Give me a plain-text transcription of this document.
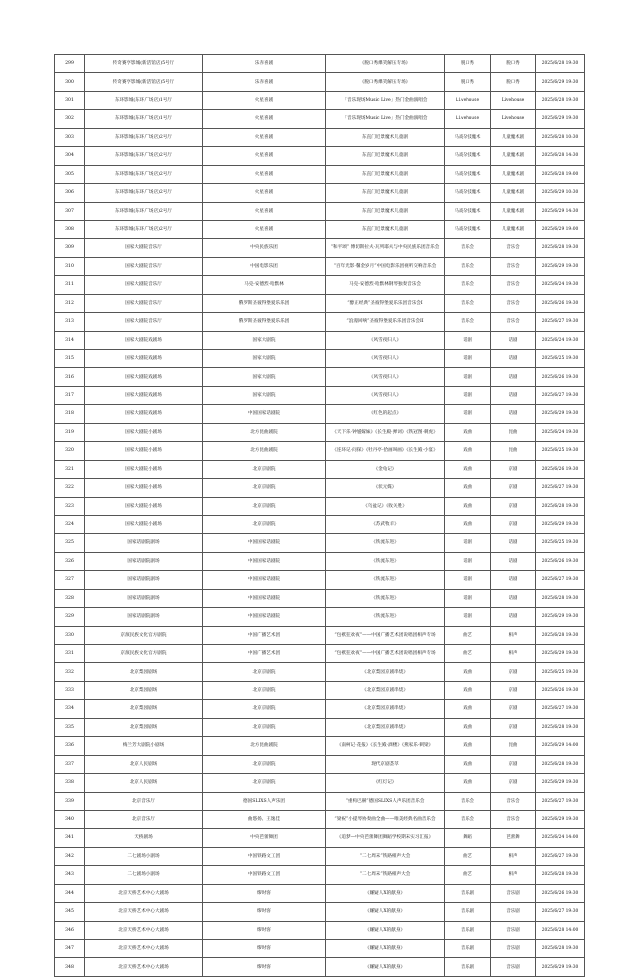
299	传奇赛亨影城(新活馆店)5号厅	乐赤喜剧	《脱口秀爆笑解压专场》	脱口秀	脱口秀	2025/6/28 19:30
300	传奇赛亨影城(新活馆店)5号厅	乐赤喜剧	《脱口秀爆笑解压专场》	脱口秀	脱口秀	2025/6/29 19:30
301	东环影城(东环广场店)1号厅	火星喜剧	「音乐现场Music Live」热门金曲演唱会	Livehouse	Livehouse	2025/6/28 19:30
302	东环影城(东环广场店)1号厅	火星喜剧	「音乐现场Music Live」热门金曲演唱会	Livehouse	Livehouse	2025/6/29 19:30
303	东环影城(东环广场店)2号厅	火星喜剧	东直门近景魔术儿童剧	马戏杂技魔术	儿童魔术剧	2025/6/28 10:30
304	东环影城(东环广场店)2号厅	火星喜剧	东直门近景魔术儿童剧	马戏杂技魔术	儿童魔术剧	2025/6/28 14:30
305	东环影城(东环广场店)2号厅	火星喜剧	东直门近景魔术儿童剧	马戏杂技魔术	儿童魔术剧	2025/6/28 19:00
306	东环影城(东环广场店)2号厅	火星喜剧	东直门近景魔术儿童剧	马戏杂技魔术	儿童魔术剧	2025/6/29 10:30
307	东环影城(东环广场店)2号厅	火星喜剧	东直门近景魔术儿童剧	马戏杂技魔术	儿童魔术剧	2025/6/29 14:30
308	东环影城(东环广场店)2号厅	火星喜剧	东直门近景魔术儿童剧	马戏杂技魔术	儿童魔术剧	2025/6/29 19:00
309	国家大剧院音乐厅	中央民族乐团	“和平颂” 傅切斯拉夫·瓦列耶夫与中央民族乐团音乐会	音乐会	音乐会	2025/6/28 19:30
310	国家大剧院音乐厅	中国电影乐团	“百年光影·馨金岁月”中国电影乐团视听交响音乐会	音乐会	音乐会	2025/6/29 19:30
311	国家大剧院音乐厅	马克-安德烈·哈默林	马克-安德烈·哈默林钢琴独奏音乐会	音乐会	音乐会	2025/6/24 19:30
312	国家大剧院音乐厅	俄罗斯圣彼得堡爱乐乐团	“醇正经典”圣彼得堡爱乐乐团音乐会I	音乐会	音乐会	2025/6/26 19:30
313	国家大剧院音乐厅	俄罗斯圣彼得堡爱乐乐团	“浪漫回响”圣彼得堡爱乐乐团音乐会II	音乐会	音乐会	2025/6/27 19:30
314	国家大剧院戏剧场	国家大剧院	《风雪夜归人》	话剧	话剧	2025/6/24 19:30
315	国家大剧院戏剧场	国家大剧院	《风雪夜归人》	话剧	话剧	2025/6/25 19:30
316	国家大剧院戏剧场	国家大剧院	《风雪夜归人》	话剧	话剧	2025/6/26 19:30
317	国家大剧院戏剧场	国家大剧院	《风雪夜归人》	话剧	话剧	2025/6/27 19:30
318	国家大剧院戏剧场	中国国家话剧院	《红色的起点》	话剧	话剧	2025/6/29 19:30
319	国家大剧院小剧场	北方昆曲剧院	《天下乐·钟馗嫁妹》《长生殿·弹词》《铁冠图·刺虎》	戏曲	昆曲	2025/6/24 19:30
320	国家大剧院小剧场	北方昆曲剧院	《连环记·问探》《牡丹亭·拾画叫画》《长生殿·小宴》	戏曲	昆曲	2025/6/25 19:30
321	国家大剧院小剧场	北京京剧院	《金龟记》	戏曲	京剧	2025/6/26 19:30
322	国家大剧院小剧场	北京京剧院	《状元媒》	戏曲	京剧	2025/6/27 19:30
323	国家大剧院小剧场	北京京剧院	《乌盆记》《收关胜》	戏曲	京剧	2025/6/28 19:30
324	国家大剧院小剧场	北京京剧院	《苏武牧羊》	戏曲	京剧	2025/6/29 19:30
325	国家话剧院剧场	中国国家话剧院	《铁流东进》	话剧	话剧	2025/6/25 19:30
326	国家话剧院剧场	中国国家话剧院	《铁流东进》	话剧	话剧	2025/6/26 19:30
327	国家话剧院剧场	中国国家话剧院	《铁流东进》	话剧	话剧	2025/6/27 19:30
328	国家话剧院剧场	中国国家话剧院	《铁流东进》	话剧	话剧	2025/6/28 19:30
329	国家话剧院剧场	中国国家话剧院	《铁流东进》	话剧	话剧	2025/6/29 19:30
330	京演民族文化官方剧院	中国广播艺术团	“包袱狂欢夜”——中国广播艺术团说唱团相声专场	曲艺	相声	2025/6/28 19:30
331	京演民族文化官方剧院	中国广播艺术团	“包袱狂欢夜”——中国广播艺术团说唱团相声专场	曲艺	相声	2025/6/29 19:30
332	北京梨园剧场	北京京剧院	《北京梨园京剧串烧》	戏曲	京剧	2025/6/25 19:30
333	北京梨园剧场	北京京剧院	《北京梨园京剧串烧》	戏曲	京剧	2025/6/26 19:30
334	北京梨园剧场	北京京剧院	《北京梨园京剧串烧》	戏曲	京剧	2025/6/27 19:30
335	北京梨园剧场	北京京剧院	《北京梨园京剧串烧》	戏曲	京剧	2025/6/28 19:30
336	梅兰芳大剧院小剧场	北方昆曲剧院	《南柯记·花报》《长生殿·酒楼》《燕家乐·刺梁》	戏曲	昆曲	2025/6/29 14:00
337	北京人民剧场	北京京剧院	现代京剧荟萃	戏曲	京剧	2025/6/28 19:30
338	北京人民剧场	北京京剧院	《红灯记》	戏曲	京剧	2025/6/29 19:30
339	北京音乐厅	德国SLIXS人声乐团	“重构巴赫”德国SLIXS人声乐团音乐会	音乐会	音乐会	2025/6/27 19:30
340	北京音乐厅	曲悠扬、王逸佳	“梁祝”小提琴协奏曲全曲——唯美经典名曲音乐会	音乐会	音乐会	2025/6/29 19:30
341	天桥剧场	中央芭蕾舞团	《追梦—中央芭蕾舞团舞蹈学校期末实习汇报》	舞蹈	芭蕾舞	2025/6/24 14:00
342	二七剧场小剧场	中国铁路文工团	“二七周末”铁路相声大会	曲艺	相声	2025/6/27 19:30
343	二七剧场小剧场	中国铁路文工团	“二七周末”铁路相声大会	曲艺	相声	2025/6/28 19:30
344	北京天桥艺术中心大剧场	缪时客	《嫌疑人X的献身》	音乐剧	音乐剧	2025/6/26 19:30
345	北京天桥艺术中心大剧场	缪时客	《嫌疑人X的献身》	音乐剧	音乐剧	2025/6/27 19:30
346	北京天桥艺术中心大剧场	缪时客	《嫌疑人X的献身》	音乐剧	音乐剧	2025/6/28 14:00
347	北京天桥艺术中心大剧场	缪时客	《嫌疑人X的献身》	音乐剧	音乐剧	2025/6/28 19:30
348	北京天桥艺术中心大剧场	缪时客	《嫌疑人X的献身》	音乐剧	音乐剧	2025/6/29 19:30
